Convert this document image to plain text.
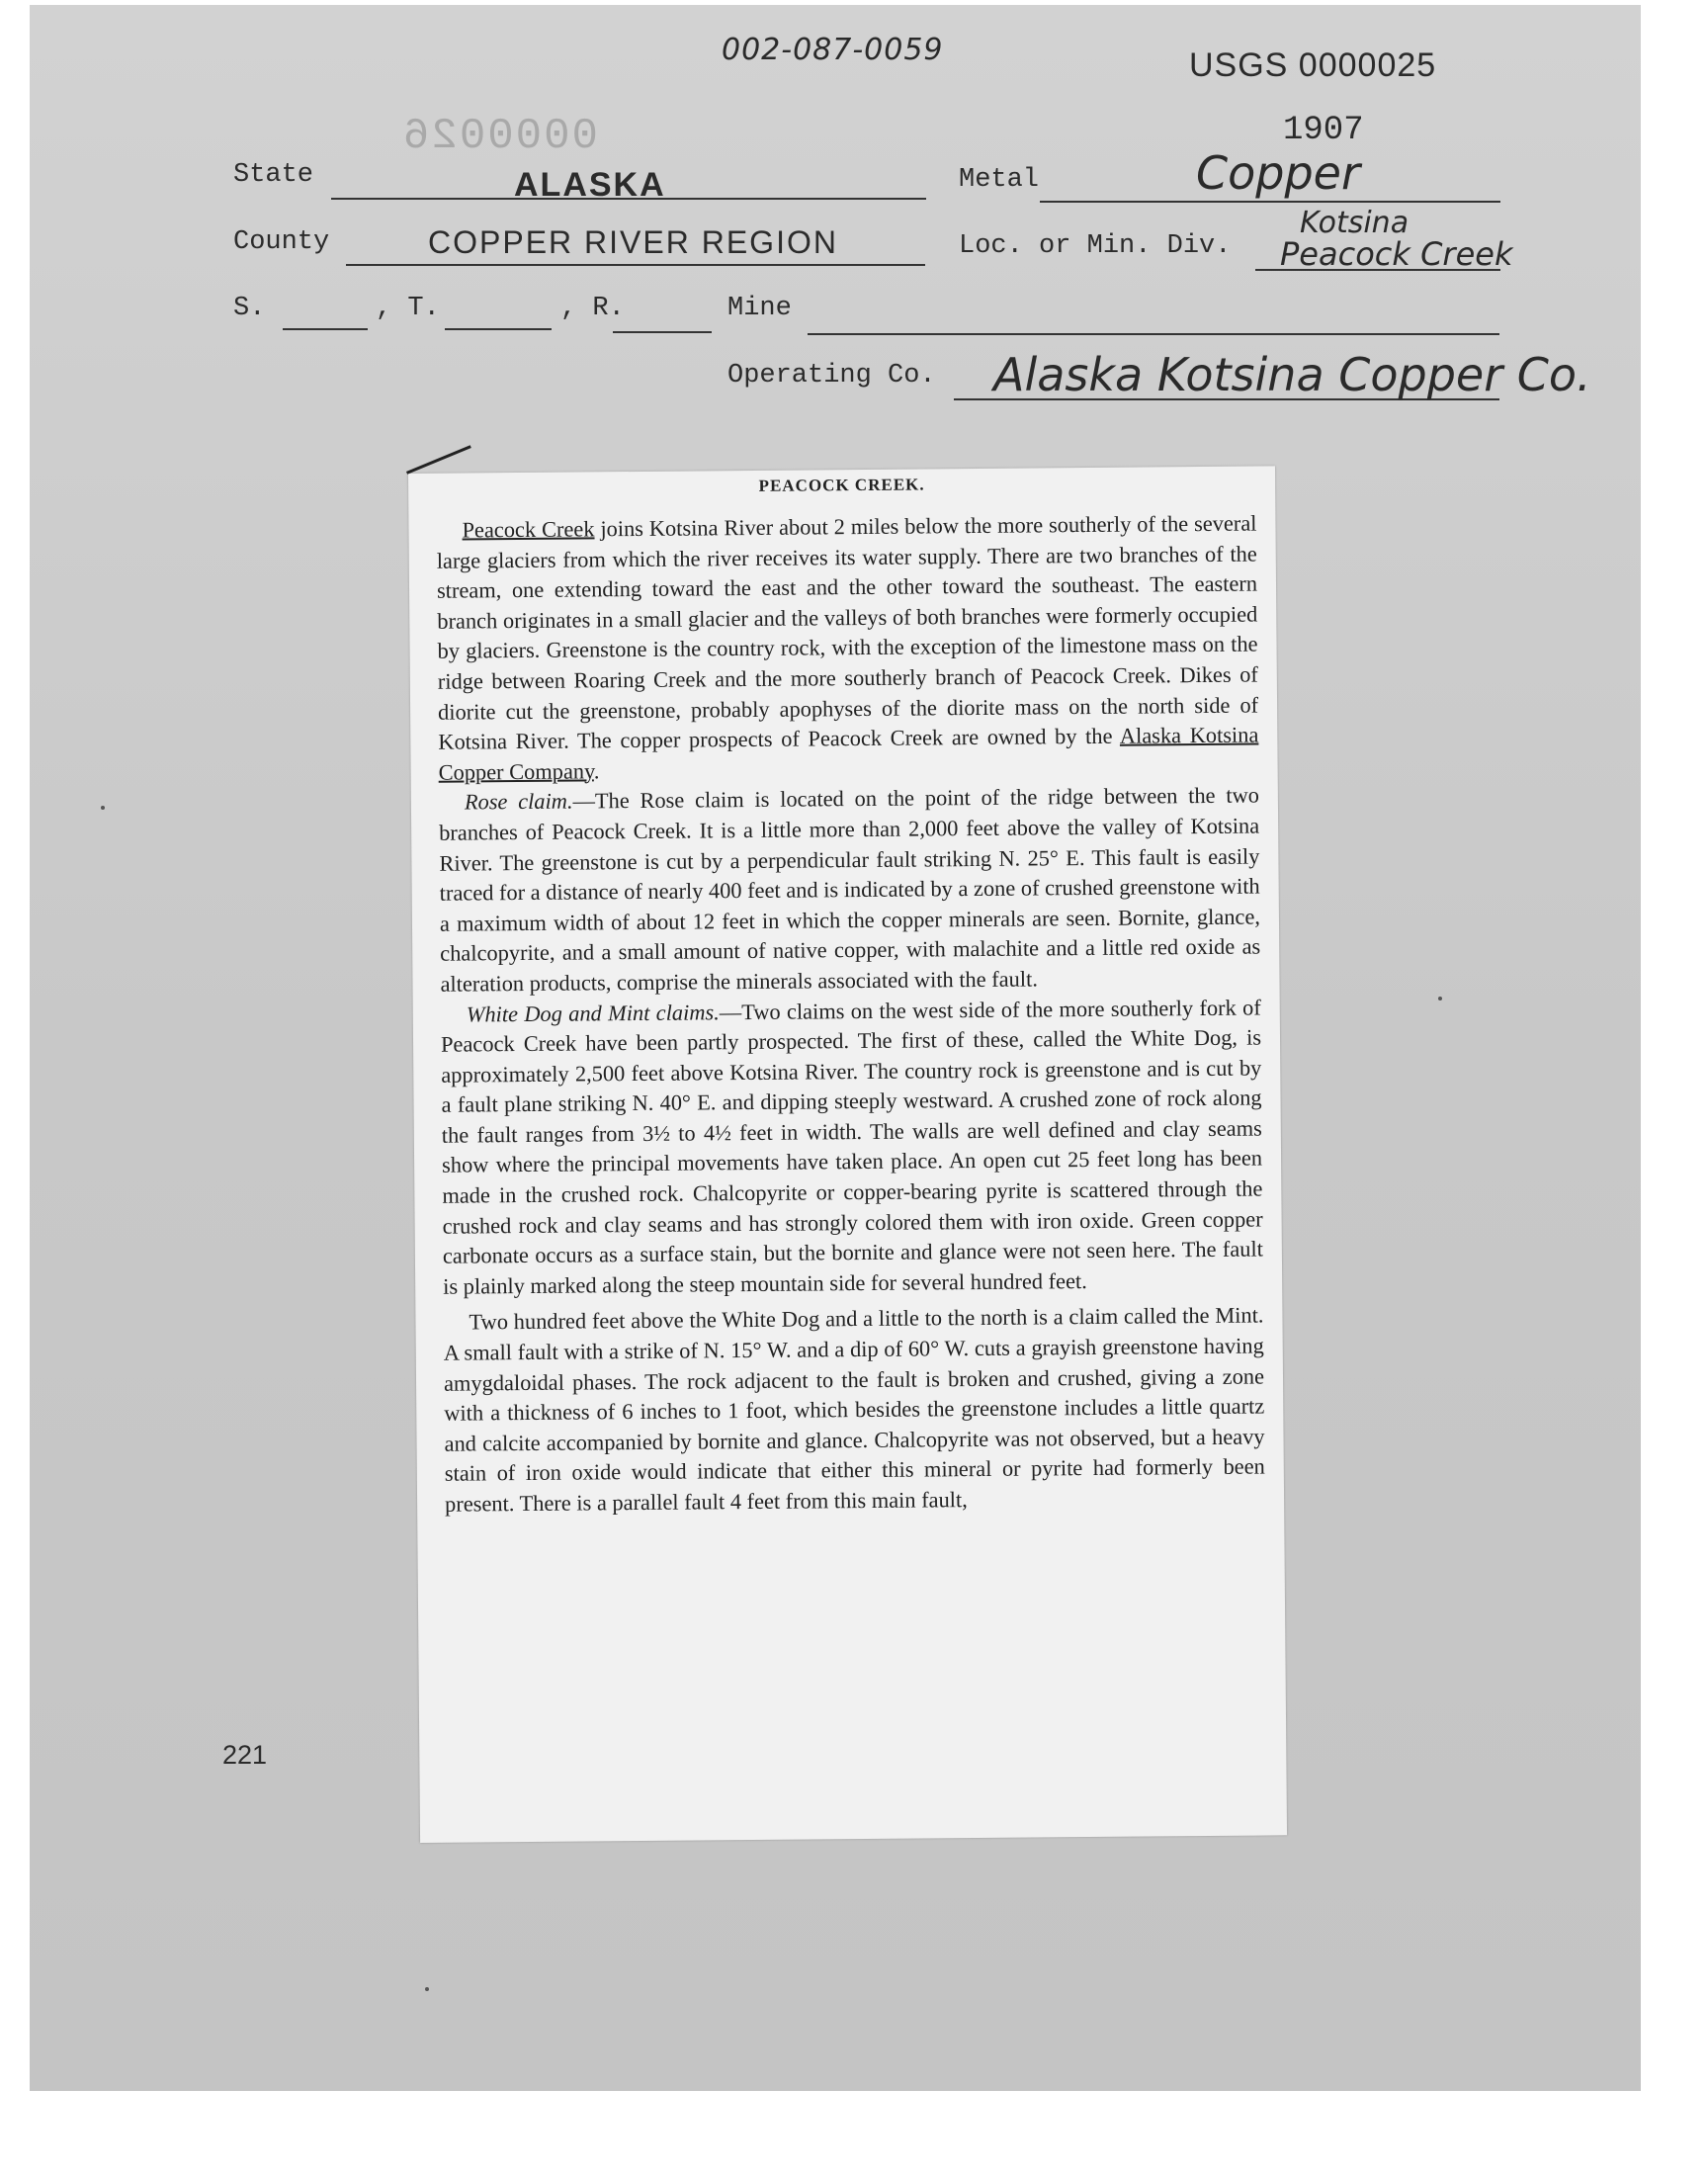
002-087-0059	USGS 0000025
1907
0000026
State	ALASKA	Metal	Copper
County	COPPER RIVER REGION	Loc. or Min. Div.
Kotsina
Peacock Creek
S.	, T.	, R.	Mine
Operating Co. Alaska Kotsina Copper Co.
221
PEACOCK CREEK.

Peacock Creek joins Kotsina River about 2 miles below the more southerly of the several large glaciers from which the river receives its water supply. There are two branches of the stream, one extending toward the east and the other toward the southeast. The eastern branch originates in a small glacier and the valleys of both branches were formerly occupied by glaciers. Greenstone is the country rock, with the exception of the limestone mass on the ridge between Roaring Creek and the more southerly branch of Peacock Creek. Dikes of diorite cut the greenstone, probably apophyses of the diorite mass on the north side of Kotsina River. The copper prospects of Peacock Creek are owned by the Alaska Kotsina Copper Company.

Rose claim.—The Rose claim is located on the point of the ridge between the two branches of Peacock Creek. It is a little more than 2,000 feet above the valley of Kotsina River. The greenstone is cut by a perpendicular fault striking N. 25° E. This fault is easily traced for a distance of nearly 400 feet and is indicated by a zone of crushed greenstone with a maximum width of about 12 feet in which the copper minerals are seen. Bornite, glance, chalcopyrite, and a small amount of native copper, with malachite and a little red oxide as alteration products, comprise the minerals associated with the fault.

White Dog and Mint claims.—Two claims on the west side of the more southerly fork of Peacock Creek have been partly prospected. The first of these, called the White Dog, is approximately 2,500 feet above Kotsina River. The country rock is greenstone and is cut by a fault plane striking N. 40° E. and dipping steeply westward. A crushed zone of rock along the fault ranges from 3½ to 4½ feet in width. The walls are well defined and clay seams show where the principal movements have taken place. An open cut 25 feet long has been made in the crushed rock. Chalcopyrite or copper-bearing pyrite is scattered through the crushed rock and clay seams and has strongly colored them with iron oxide. Green copper carbonate occurs as a surface stain, but the bornite and glance were not seen here. The fault is plainly marked along the steep mountain side for several hundred feet.

Two hundred feet above the White Dog and a little to the north is a claim called the Mint. A small fault with a strike of N. 15° W. and a dip of 60° W. cuts a grayish greenstone having amygdaloidal phases. The rock adjacent to the fault is broken and crushed, giving a zone with a thickness of 6 inches to 1 foot, which besides the greenstone includes a little quartz and calcite accompanied by bornite and glance. Chalcopyrite was not observed, but a heavy stain of iron oxide would indicate that either this mineral or pyrite had formerly been present. There is a parallel fault 4 feet from this main fault,
